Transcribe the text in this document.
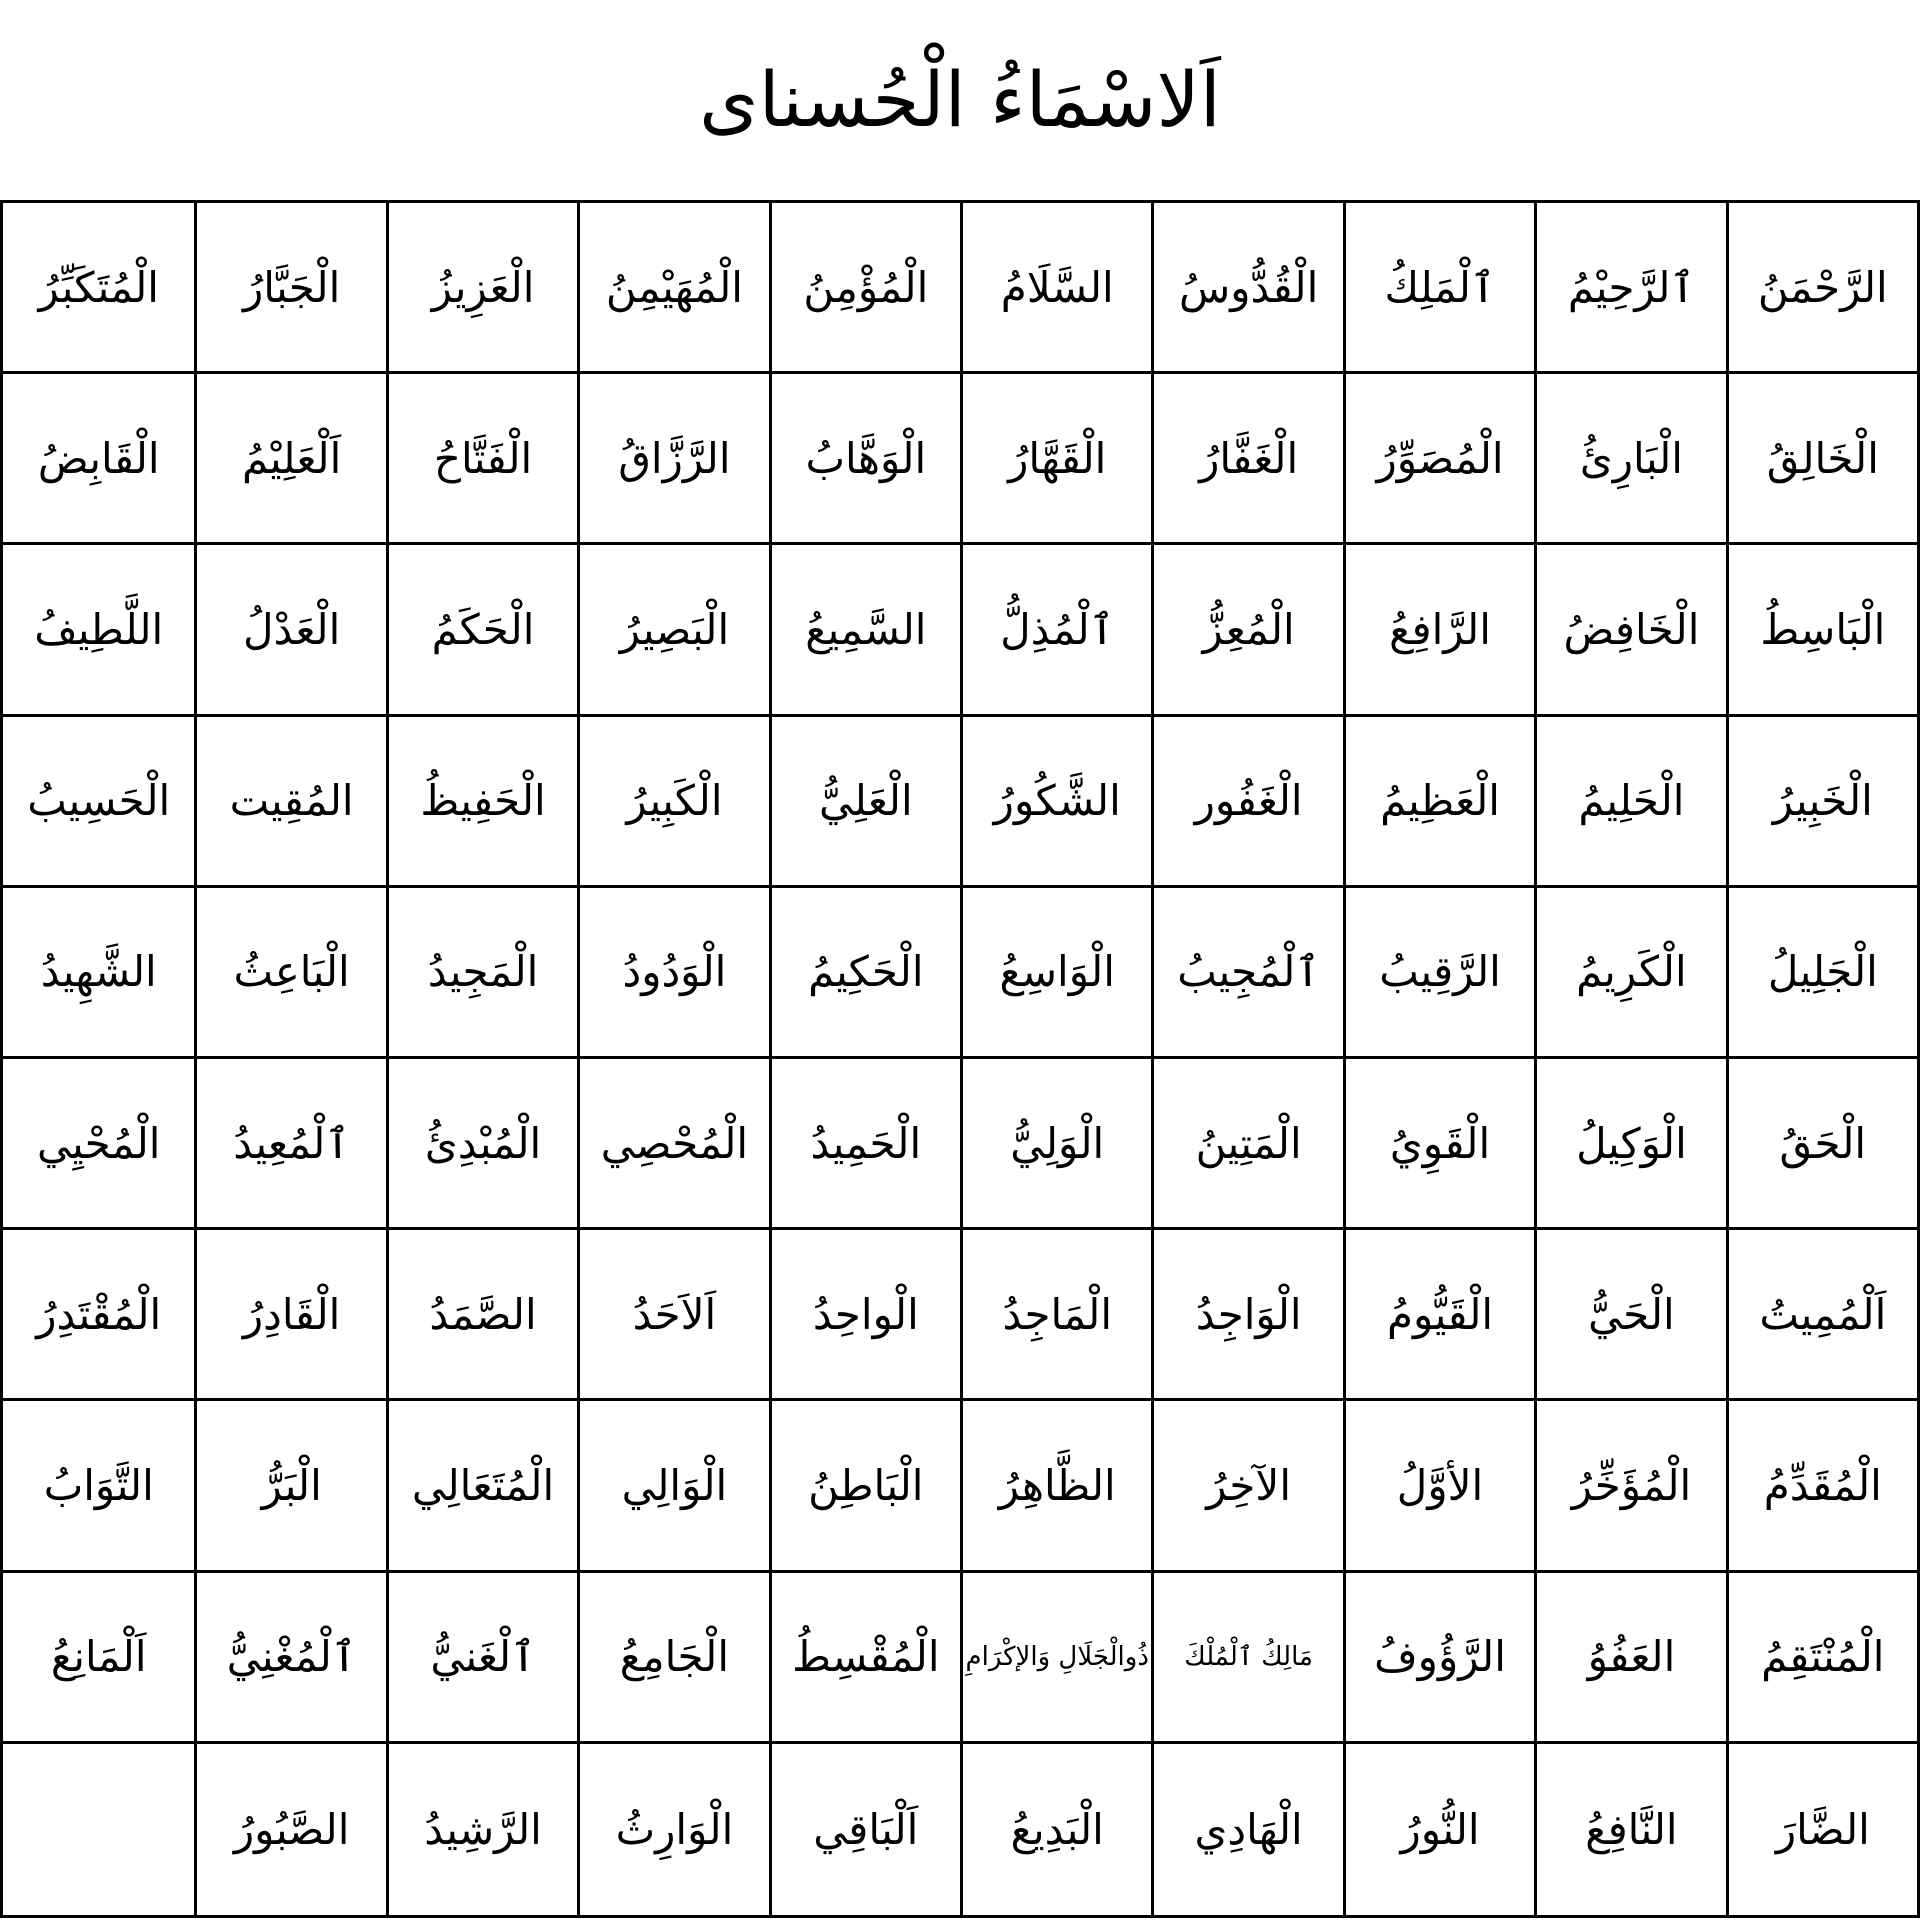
اَلاسْمَاءُ الْحُسناى
الرَّحْمَنُ
ٱلرَّحِيْمُ
ٱلْمَلِكُ
الْقُدُّوسُ
السَّلَامُ
الْمُؤْمِنُ
الْمُهَيْمِنُ
الْعَزِيزُ
الْجَبَّارُ
الْمُتَكَبِّرُ
الْخَالِقُ
الْبَارِئُ
الْمُصَوِّرُ
الْغَفَّارُ
الْقَهَّارُ
الْوَهَّابُ
الرَّزَّاقُ
الْفَتَّاحُ
اَلْعَلِيْمُ
الْقَابِضُ
الْبَاسِطُ
الْخَافِضُ
الرَّافِعُ
الْمُعِزُّ
ٱلْمُذِلُّ
السَّمِيعُ
الْبَصِيرُ
الْحَكَمُ
الْعَدْلُ
اللَّطِيفُ
الْخَبِيرُ
الْحَلِيمُ
الْعَظِيمُ
الْغَفُور
الشَّكُورُ
الْعَلِيُّ
الْكَبِيرُ
الْحَفِيظُ
المُقِيت
الْحَسِيبُ
الْجَلِيلُ
الْكَرِيمُ
الرَّقِيبُ
ٱلْمُجِيبُ
الْوَاسِعُ
الْحَكِيمُ
الْوَدُودُ
الْمَجِيدُ
الْبَاعِثُ
الشَّهِيدُ
الْحَقُ
الْوَكِيلُ
الْقَوِيُ
الْمَتِينُ
الْوَلِيُّ
الْحَمِيدُ
الْمُحْصِي
الْمُبْدِئُ
ٱلْمُعِيدُ
الْمُحْيِي
اَلْمُمِيتُ
الْحَيُّ
الْقَيُّومُ
الْوَاجِدُ
الْمَاجِدُ
الْواحِدُ
اَلاَحَدُ
الصَّمَدُ
الْقَادِرُ
الْمُقْتَدِرُ
الْمُقَدِّمُ
الْمُؤَخِّرُ
الأوَّلُ
الآخِرُ
الظَّاهِرُ
الْبَاطِنُ
الْوَالِي
الْمُتَعَالِي
الْبَرُّ
التَّوَابُ
الْمُنْتَقِمُ
العَفُوُ
الرَّؤُوفُ
مَالِكُ ٱلْمُلْكَ
ذُوالْجَلَالِ وَالإكْرَامِ
الْمُقْسِطُ
الْجَامِعُ
ٱلْغَنيُّ
ٱلْمُغْنِيُّ
اَلْمَانِعُ
الضَّارَ
النَّافِعُ
النُّورُ
الْهَادِي
الْبَدِيعُ
اَلْبَاقِي
الْوَارِثُ
الرَّشِيدُ
الصَّبُورُ
